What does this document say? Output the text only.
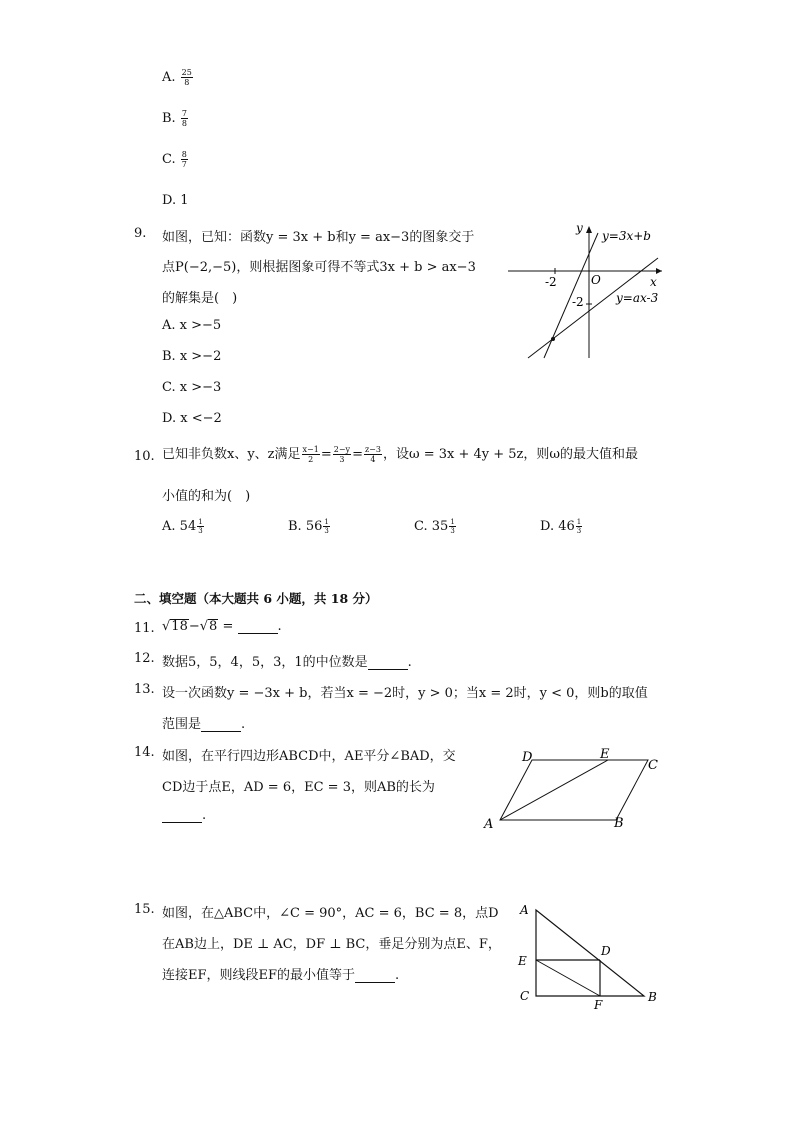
A. $\frac{25}{8}$
B. $\frac{7}{8}$
C. $\frac{8}{7}$
D. 1
9. 如图，已知：函数y = 3x + b和y = ax−3的图象交于
点P(−2,−5)，则根据图象可得不等式3x + b > ax−3
的解集是(　)
A. x >−5
B. x >−2
C. x >−3
D. x <−2
y
x
O
-2
-2
y=3x+b
y=ax-3
10. 已知非负数x、y、z满足 $\frac{x-1}{2} = \frac{2-y}{3} = \frac{z-3}{4}$ ，设ω = 3x + 4y + 5z，则ω的最大值和最
小值的和为(　)
A. $54 \frac{1}{3}$	B. $56 \frac{1}{3}$	C. $35 \frac{1}{3}$	D. $46 \frac{1}{3}$
二、填空题（本大题共 6 小题，共 18 分）
11. √18−√8 =	.
12. 数据5，5，4，5，3，1的中位数是	.
13. 设一次函数y = −3x + b，若当x = −2时，y > 0；当x = 2时，y < 0，则b的取值
范围是	.
14. 如图，在平行四边形ABCD中，AE平分∠BAD，交
CD边于点E，AD = 6，EC = 3，则AB的长为
.
A	B
C
D	E
15. 如图，在△ABC中，∠C = 90°，AC = 6，BC = 8，点D
在AB边上，DE ⊥ AC，DF ⊥ BC，垂足分别为点E、F，
连接EF，则线段EF的最小值等于	.
A
B
C
D
E
F
